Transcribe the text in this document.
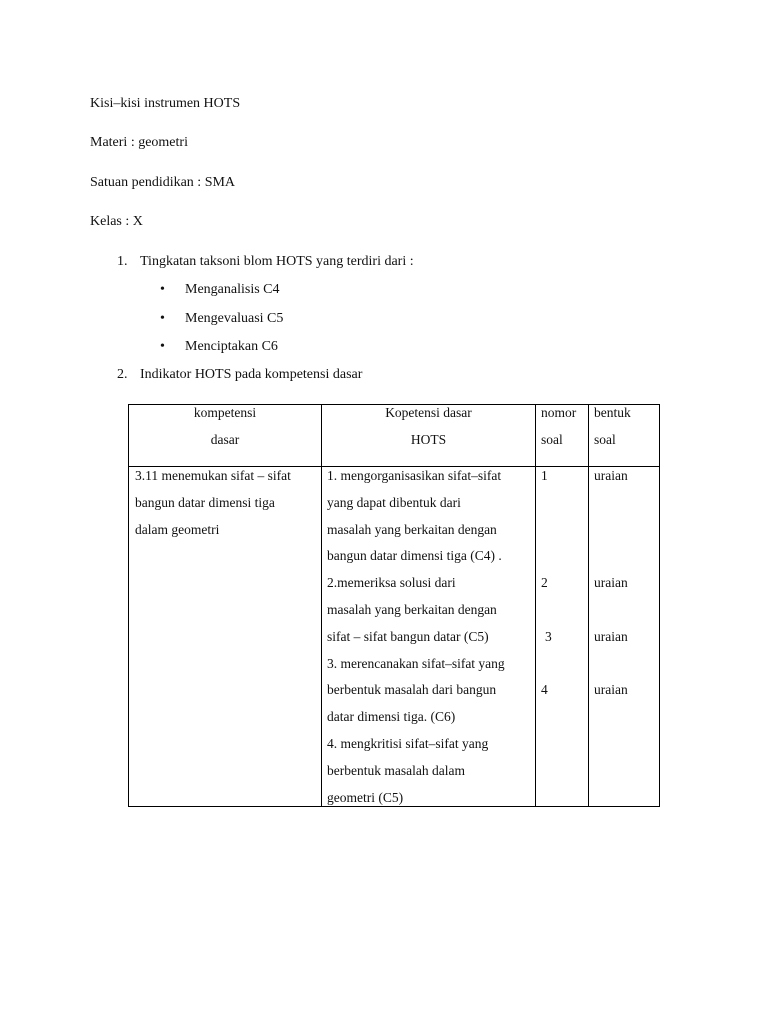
Kisi–kisi instrumen HOTS
Materi : geometri
Satuan pendidikan : SMA
Kelas : X
1. Tingkatan taksoni blom HOTS yang terdiri dari :
• Menganalisis C4
• Mengevaluasi C5
• Menciptakan C6
2. Indikator HOTS pada kompetensi dasar
kompetensi
dasar
Kopetensi dasar
HOTS
nomor
soal
bentuk
soal
3.11 menemukan sifat – sifat
bangun datar dimensi tiga
dalam geometri
1. mengorganisasikan sifat–sifat
yang dapat dibentuk dari
masalah yang berkaitan dengan
bangun datar dimensi tiga (C4) .
2.memeriksa solusi dari
masalah yang berkaitan dengan
sifat – sifat bangun datar (C5)
3. merencanakan sifat–sifat yang
berbentuk masalah dari bangun
datar dimensi tiga. (C6)
4. mengkritisi sifat–sifat yang
berbentuk masalah dalam
geometri (C5)
1
2
3
4
uraian
uraian
uraian
uraian
